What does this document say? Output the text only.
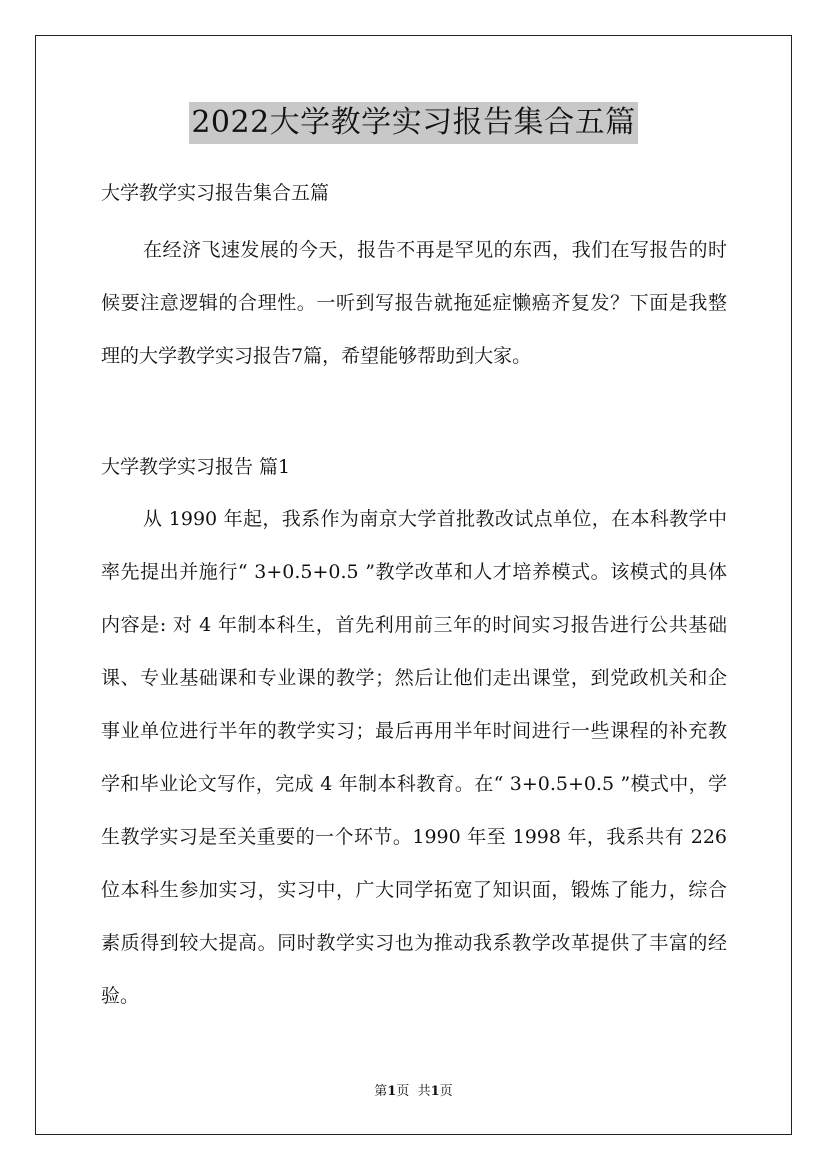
2022大学教学实习报告集合五篇
大学教学实习报告集合五篇

在经济飞速发展的今天，报告不再是罕见的东西，我们在写报告的时候要注意逻辑的合理性。一听到写报告就拖延症懒癌齐复发？下面是我整理的大学教学实习报告7篇，希望能够帮助到大家。

大学教学实习报告 篇1

从 1990 年起，我系作为南京大学首批教改试点单位，在本科教学中率先提出并施行“ 3+0.5+0.5 ”教学改革和人才培养模式。该模式的具体内容是: 对 4 年制本科生，首先利用前三年的时间实习报告进行公共基础课、专业基础课和专业课的教学；然后让他们走出课堂，到党政机关和企事业单位进行半年的教学实习；最后再用半年时间进行一些课程的补充教学和毕业论文写作，完成 4 年制本科教育。在“ 3+0.5+0.5 ”模式中，学生教学实习是至关重要的一个环节。1990 年至 1998 年，我系共有 226 位本科生参加实习，实习中，广大同学拓宽了知识面，锻炼了能力，综合素质得到较大提高。同时教学实习也为推动我系教学改革提供了丰富的经验。

第1页 共1页
